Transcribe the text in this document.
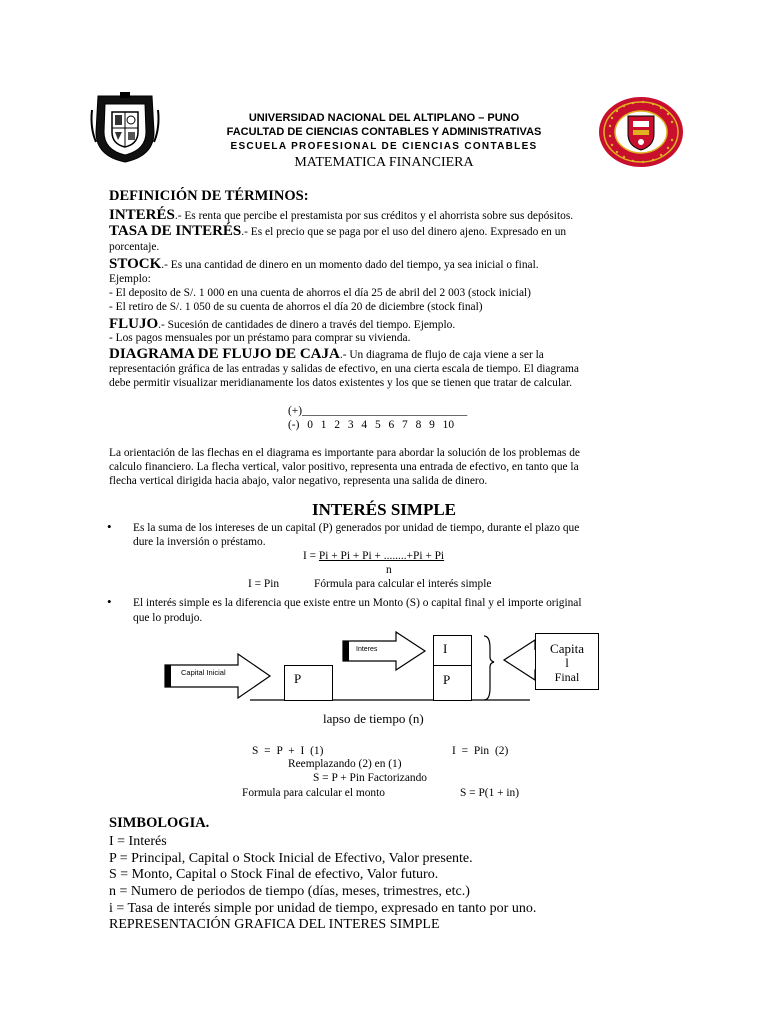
UNIVERSIDAD NACIONAL DEL ALTIPLANO – PUNO
FACULTAD DE CIENCIAS CONTABLES Y ADMINISTRATIVAS
ESCUELA PROFESIONAL DE CIENCIAS CONTABLES
MATEMATICA FINANCIERA
DEFINICIÓN DE TÉRMINOS:
INTERÉS.- Es renta que percibe el prestamista por sus créditos y el ahorrista sobre sus depósitos.
TASA DE INTERÉS.- Es el precio que se paga por el uso del dinero ajeno. Expresado en un
porcentaje.
STOCK.- Es una cantidad de dinero en un momento dado del tiempo, ya sea inicial o final.
Ejemplo:
- El deposito de S/. 1 000 en una cuenta de ahorros el día 25 de abril del 2 003 (stock inicial)
- El retiro de S/. 1 050 de su cuenta de ahorros el día 20 de diciembre (stock final)
FLUJO.- Sucesión de cantidades de dinero a través del tiempo. Ejemplo.
- Los pagos mensuales por un préstamo para comprar su vivienda.
DIAGRAMA DE FLUJO DE CAJA.- Un diagrama de flujo de caja viene a ser la
representación gráfica de las entradas y salidas de efectivo, en una cierta escala de tiempo. El diagrama
debe permitir visualizar meridianamente los datos existentes y los que se tienen que tratar de calcular.
(+)_____________________________
(-) 0 1 2 3 4 5 6 7 8 9 10
La orientación de las flechas en el diagrama es importante para abordar la solución de los problemas de
calculo financiero. La flecha vertical, valor positivo, representa una entrada de efectivo, en tanto que la
flecha vertical dirigida hacia abajo, valor negativo, representa una salida de dinero.
INTERÉS SIMPLE
• Es la suma de los intereses de un capital (P) generados por unidad de tiempo, durante el plazo que
dure la inversión o préstamo.
I = Pi + Pi + Pi + ........+Pi + Pi
n
I = Pin	Fórmula para calcular el interés simple
• El interés simple es la diferencia que existe entre un Monto (S) o capital final y el importe original
que lo produjo.
Capital Inicial
Interes
P
I
P
Capita
l
Final
lapso de tiempo (n)
S = P + I (1)	I = Pin (2)
Reemplazando (2) en (1)
S = P + Pin Factorizando
Formula para calcular el monto	S = P(1 + in)
SIMBOLOGIA.
I = Interés
P = Principal, Capital o Stock Inicial de Efectivo, Valor presente.
S = Monto, Capital o Stock Final de efectivo, Valor futuro.
n = Numero de periodos de tiempo (días, meses, trimestres, etc.)
i = Tasa de interés simple por unidad de tiempo, expresado en tanto por uno.
REPRESENTACIÓN GRAFICA DEL INTERES SIMPLE
